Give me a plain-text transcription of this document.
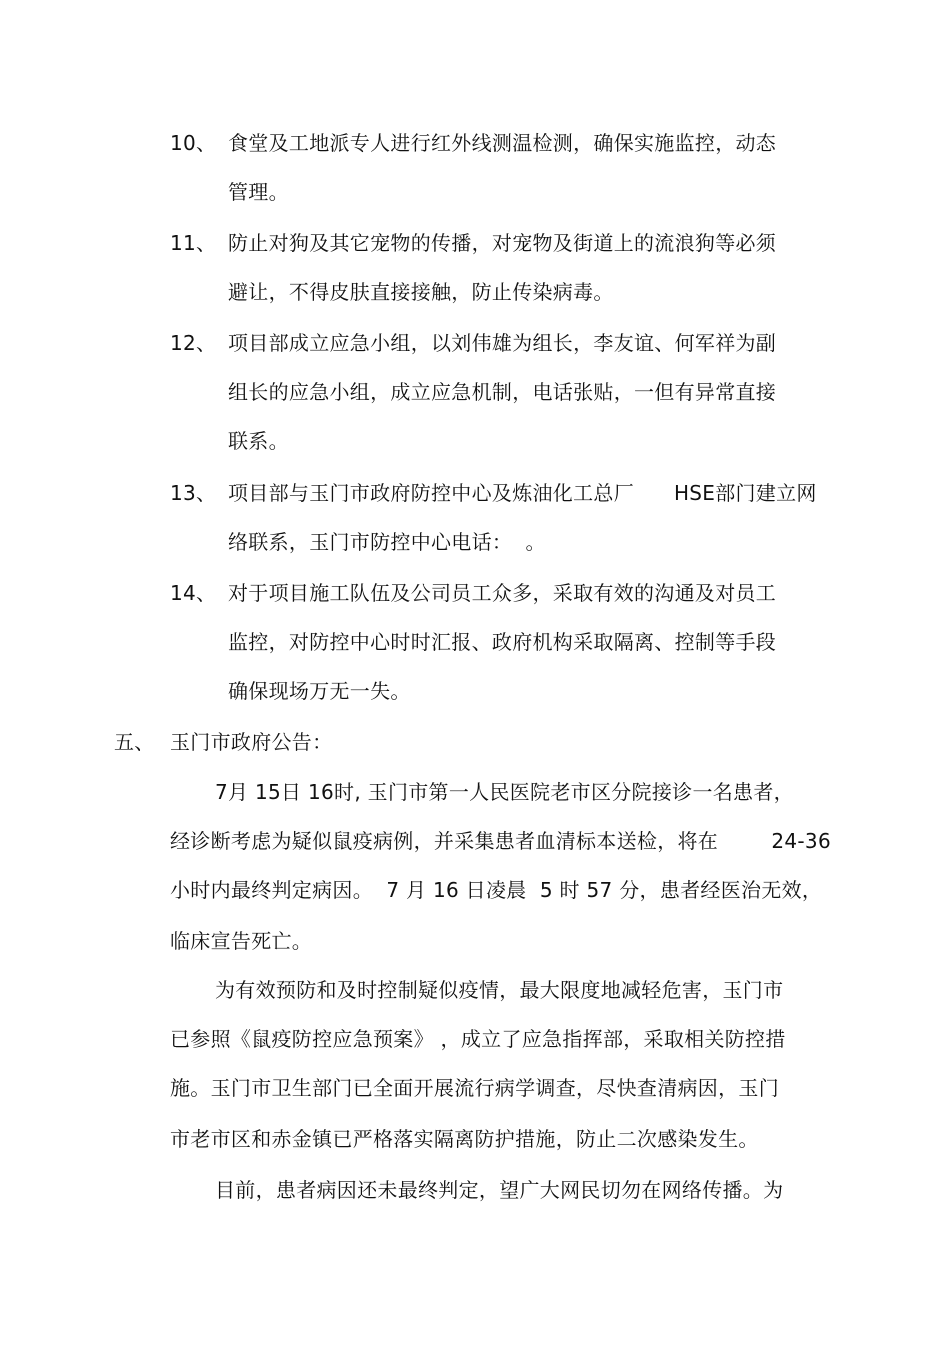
10、 食堂及工地派专人进行红外线测温检测，确保实施监控，动态

管理。

11、 防止对狗及其它宠物的传播，对宠物及街道上的流浪狗等必须

避让，不得皮肤直接接触，防止传染病毒。

12、 项目部成立应急小组，以刘伟雄为组长，李友谊、何军祥为副

组长的应急小组，成立应急机制，电话张贴，一但有异常直接

联系。

13、 项目部与玉门市政府防控中心及炼油化工总厂      HSE部门建立网

络联系，玉门市防控中心电话：  。

14、 对于项目施工队伍及公司员工众多，采取有效的沟通及对员工

监控，对防控中心时时汇报、政府机构采取隔离、控制等手段

确保现场万无一失。

五、 玉门市政府公告：

7月 15日 16时, 玉门市第一人民医院老市区分院接诊一名患者，

经诊断考虑为疑似鼠疫病例，并采集患者血清标本送检，将在        24-36

小时内最终判定病因。  7 月 16 日凌晨  5 时 57 分，患者经医治无效，

临床宣告死亡。

为有效预防和及时控制疑似疫情，最大限度地减轻危害，玉门市

已参照《鼠疫防控应急预案》 ，成立了应急指挥部，采取相关防控措

施。玉门市卫生部门已全面开展流行病学调查，尽快查清病因，玉门

市老市区和赤金镇已严格落实隔离防护措施，防止二次感染发生。

目前，患者病因还未最终判定，望广大网民切勿在网络传播。为
